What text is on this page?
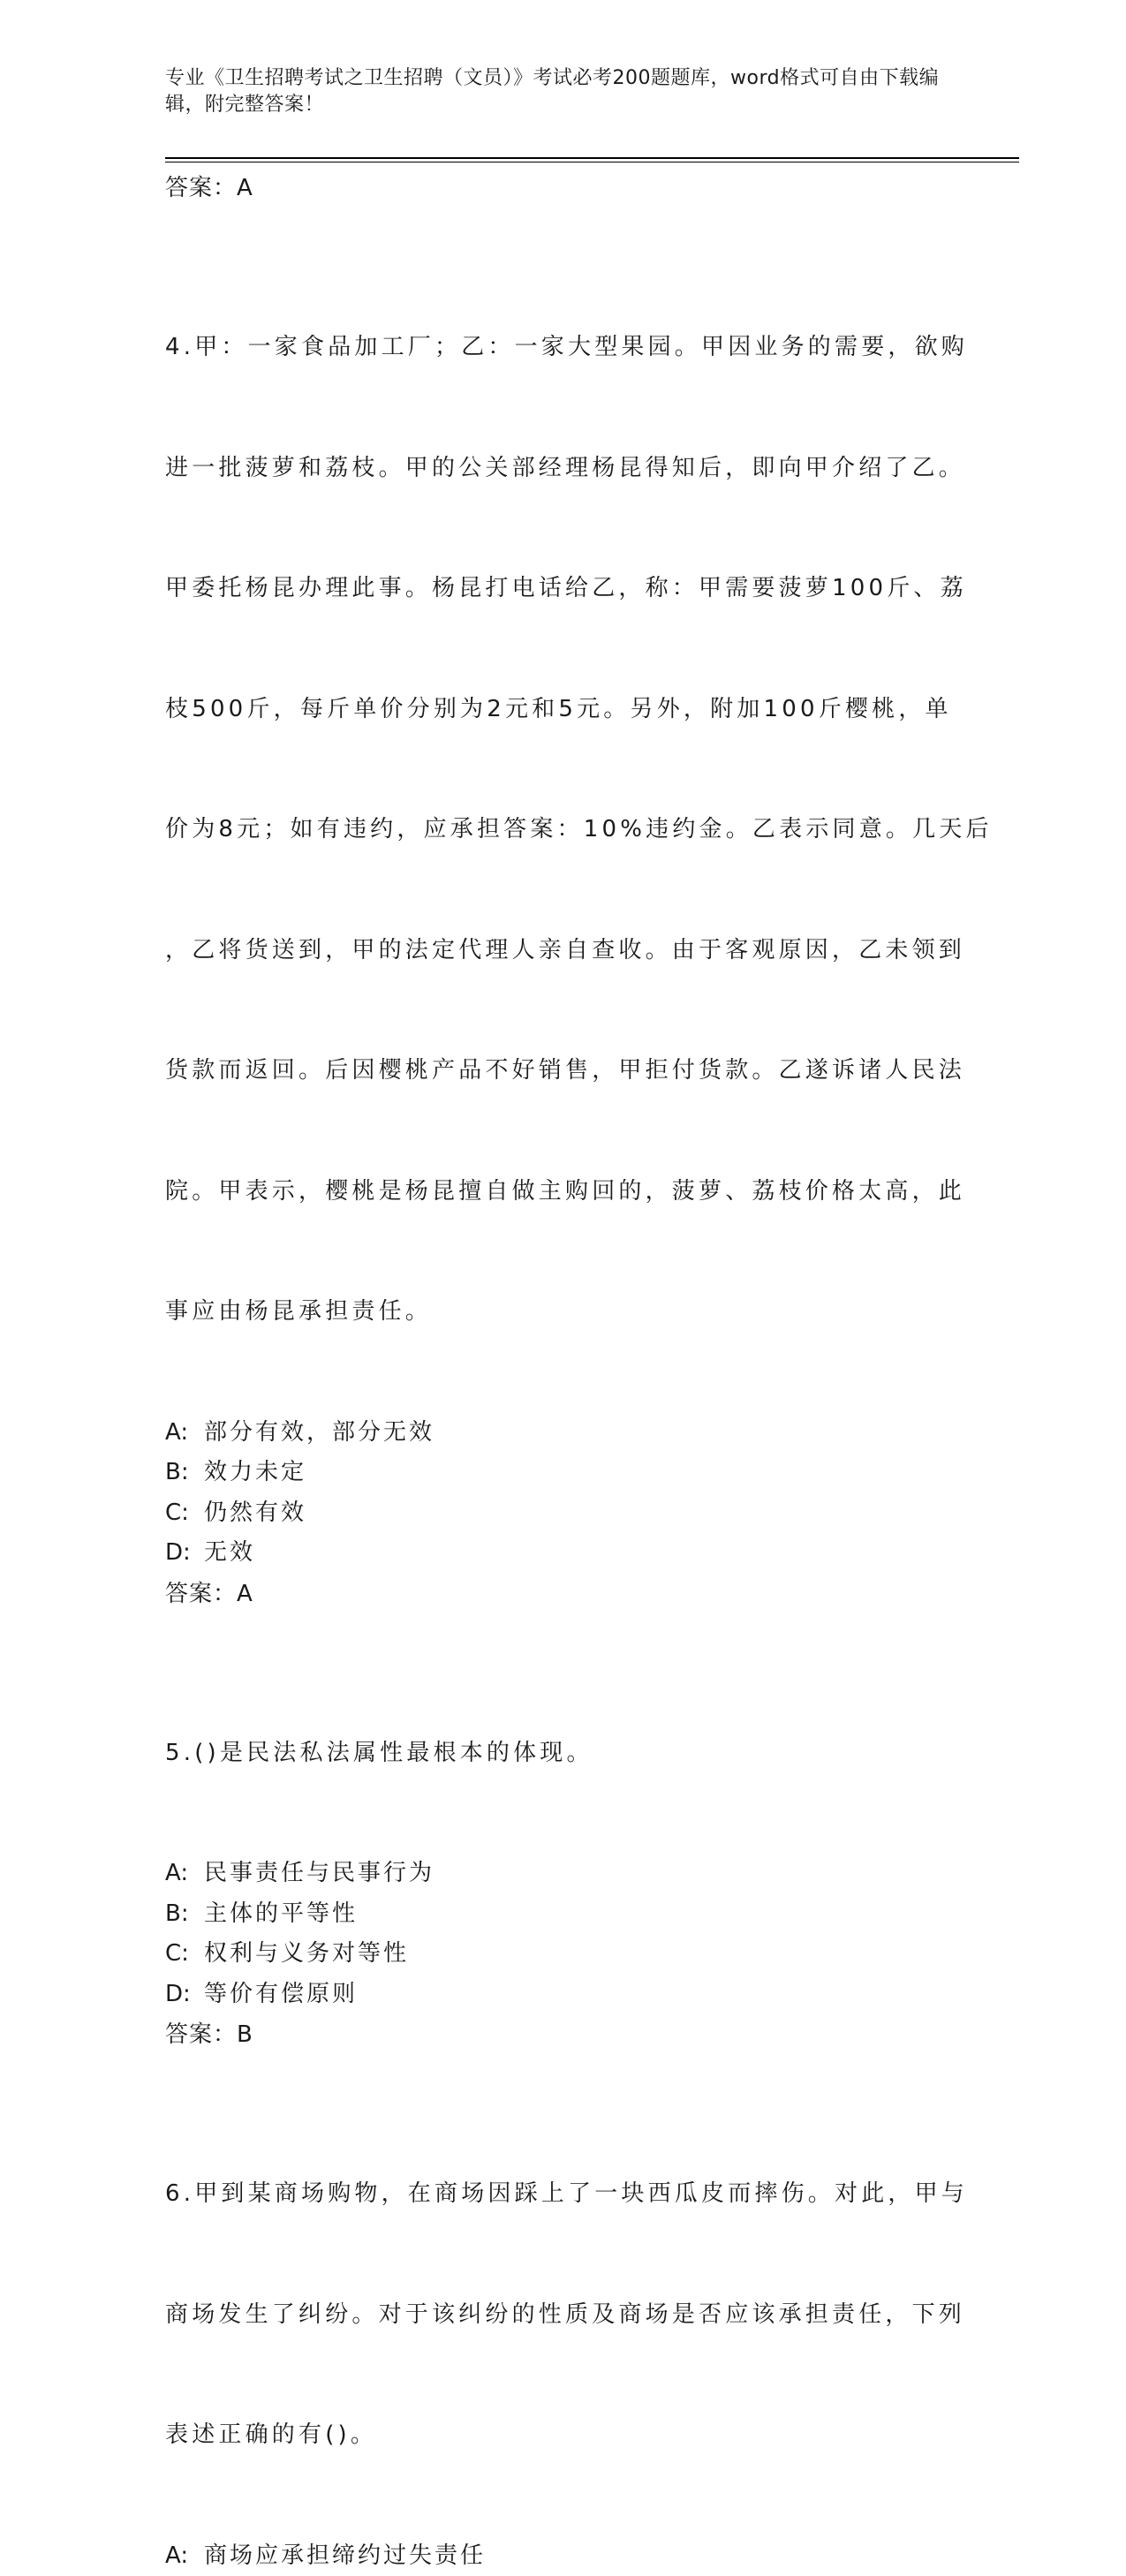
专业《卫生招聘考试之卫生招聘（文员）》考试必考200题题库，word格式可自由下载编辑，附完整答案！
答案：A

4.甲：一家食品加工厂；乙：一家大型果园。甲因业务的需要，欲购

进一批菠萝和荔枝。甲的公关部经理杨昆得知后，即向甲介绍了乙。

甲委托杨昆办理此事。杨昆打电话给乙，称：甲需要菠萝100斤、荔

枝500斤，每斤单价分别为2元和5元。另外，附加100斤樱桃，单

价为8元；如有违约，应承担答案：10%违约金。乙表示同意。几天后

，乙将货送到，甲的法定代理人亲自查收。由于客观原因，乙未领到

货款而返回。后因樱桃产品不好销售，甲拒付货款。乙遂诉诸人民法

院。甲表示，樱桃是杨昆擅自做主购回的，菠萝、荔枝价格太高，此

事应由杨昆承担责任。

A: 部分有效，部分无效
B: 效力未定
C: 仍然有效
D: 无效
答案：A

5.()是民法私法属性最根本的体现。

A: 民事责任与民事行为
B: 主体的平等性
C: 权利与义务对等性
D: 等价有偿原则
答案：B

6.甲到某商场购物，在商场因踩上了一块西瓜皮而摔伤。对此，甲与

商场发生了纠纷。对于该纠纷的性质及商场是否应该承担责任，下列

表述正确的有()。

A: 商场应承担缔约过失责任
